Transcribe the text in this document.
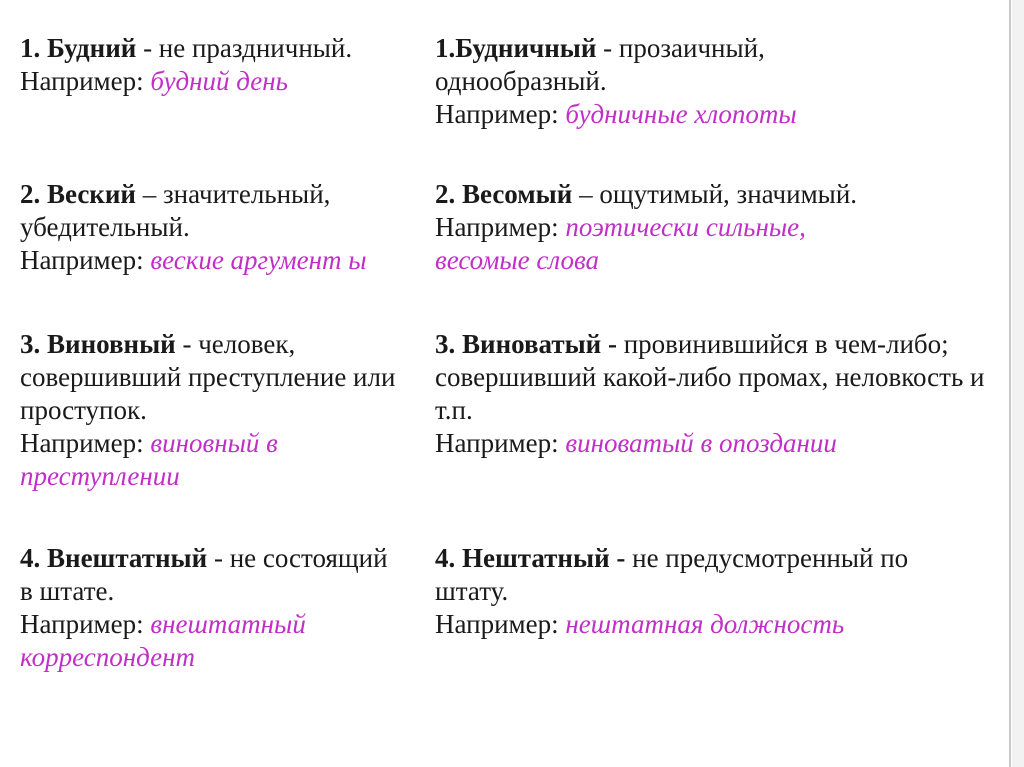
1. Будний - не праздничный.
Например: будний день
1.Будничный - прозаичный, однообразный.
Например: будничные хлопоты
2. Веский – значительный, убедительный.
Например: веские аргумент ы
2. Весомый – ощутимый, значимый.
Например: поэтически сильные, весомые слова
3. Виновный - человек, совершивший преступление или проступок.
Например: виновный в преступлении
3. Виноватый - провинившийся в чем-либо; совершивший какой-либо промах, неловкость и т.п.
Например: виноватый в опоздании
4. Внештатный - не состоящий в штате.
Например: внештатный корреспондент
4. Нештатный - не предусмотренный по штату.
Например: нештатная должность
